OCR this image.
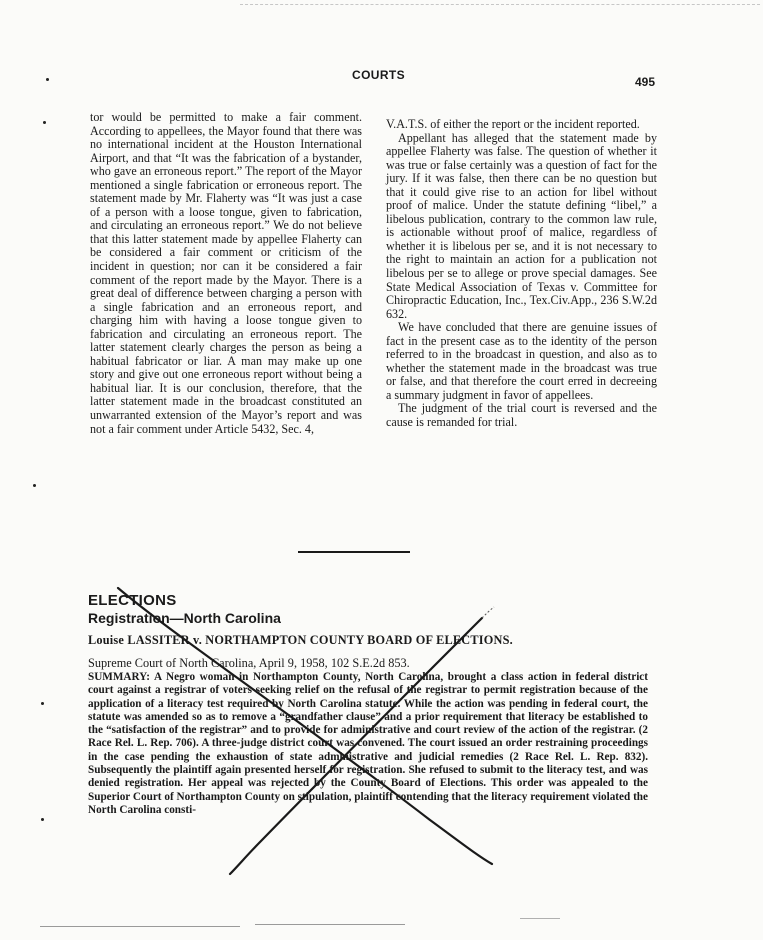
COURTS	495

tor would be permitted to make a fair comment. According to appellees, the Mayor found that there was no international incident at the Houston International Airport, and that “It was the fabrication of a bystander, who gave an erroneous report.” The report of the Mayor mentioned a single fabrication or erroneous report. The statement made by Mr. Flaherty was “It was just a case of a person with a loose tongue, given to fabrication, and circulating an erroneous report.” We do not believe that this latter statement made by appellee Flaherty can be considered a fair comment or criticism of the incident in question; nor can it be considered a fair comment of the report made by the Mayor. There is a great deal of difference between charging a person with a single fabrication and an erroneous report, and charging him with having a loose tongue given to fabrication and circulating an erroneous report. The latter statement clearly charges the person as being a habitual fabricator or liar. A man may make up one story and give out one erroneous report without being a habitual liar. It is our conclusion, therefore, that the latter statement made in the broadcast constituted an unwarranted extension of the Mayor’s report and was not a fair comment under Article 5432, Sec. 4,

V.A.T.S. of either the report or the incident reported.

Appellant has alleged that the statement made by appellee Flaherty was false. The question of whether it was true or false certainly was a question of fact for the jury. If it was false, then there can be no question but that it could give rise to an action for libel without proof of malice. Under the statute defining “libel,” a libelous publication, contrary to the common law rule, is actionable without proof of malice, regardless of whether it is libelous per se, and it is not necessary to the right to maintain an action for a publication not libelous per se to allege or prove special damages. See State Medical Association of Texas v. Committee for Chiropractic Education, Inc., Tex.Civ.App., 236 S.W.2d 632.

We have concluded that there are genuine issues of fact in the present case as to the identity of the person referred to in the broadcast in question, and also as to whether the statement made in the broadcast was true or false, and that therefore the court erred in decreeing a summary judgment in favor of appellees.

The judgment of the trial court is reversed and the cause is remanded for trial.

ELECTIONS
Registration—North Carolina
Louise LASSITER v. NORTHAMPTON COUNTY BOARD OF ELECTIONS.
Supreme Court of North Carolina, April 9, 1958, 102 S.E.2d 853.
SUMMARY: A Negro woman in Northampton County, North Carolina, brought a class action in federal district court against a registrar of voters seeking relief on the refusal of the registrar to permit registration because of the application of a literacy test required by North Carolina statute. While the action was pending in federal court, the statute was amended so as to remove a “grandfather clause” and a prior requirement that literacy be established to the “satisfaction of the registrar” and to provide for administrative and court review of the action of the registrar. (2 Race Rel. L. Rep. 706). A three-judge district court was convened. The court issued an order restraining proceedings in the case pending the exhaustion of state administrative and judicial remedies (2 Race Rel. L. Rep. 832). Subsequently the plaintiff again presented herself for registration. She refused to submit to the literacy test, and was denied registration. Her appeal was rejected by the County Board of Elections. This order was appealed to the Superior Court of Northampton County on stipulation, plaintiff contending that the literacy requirement violated the North Carolina consti-
